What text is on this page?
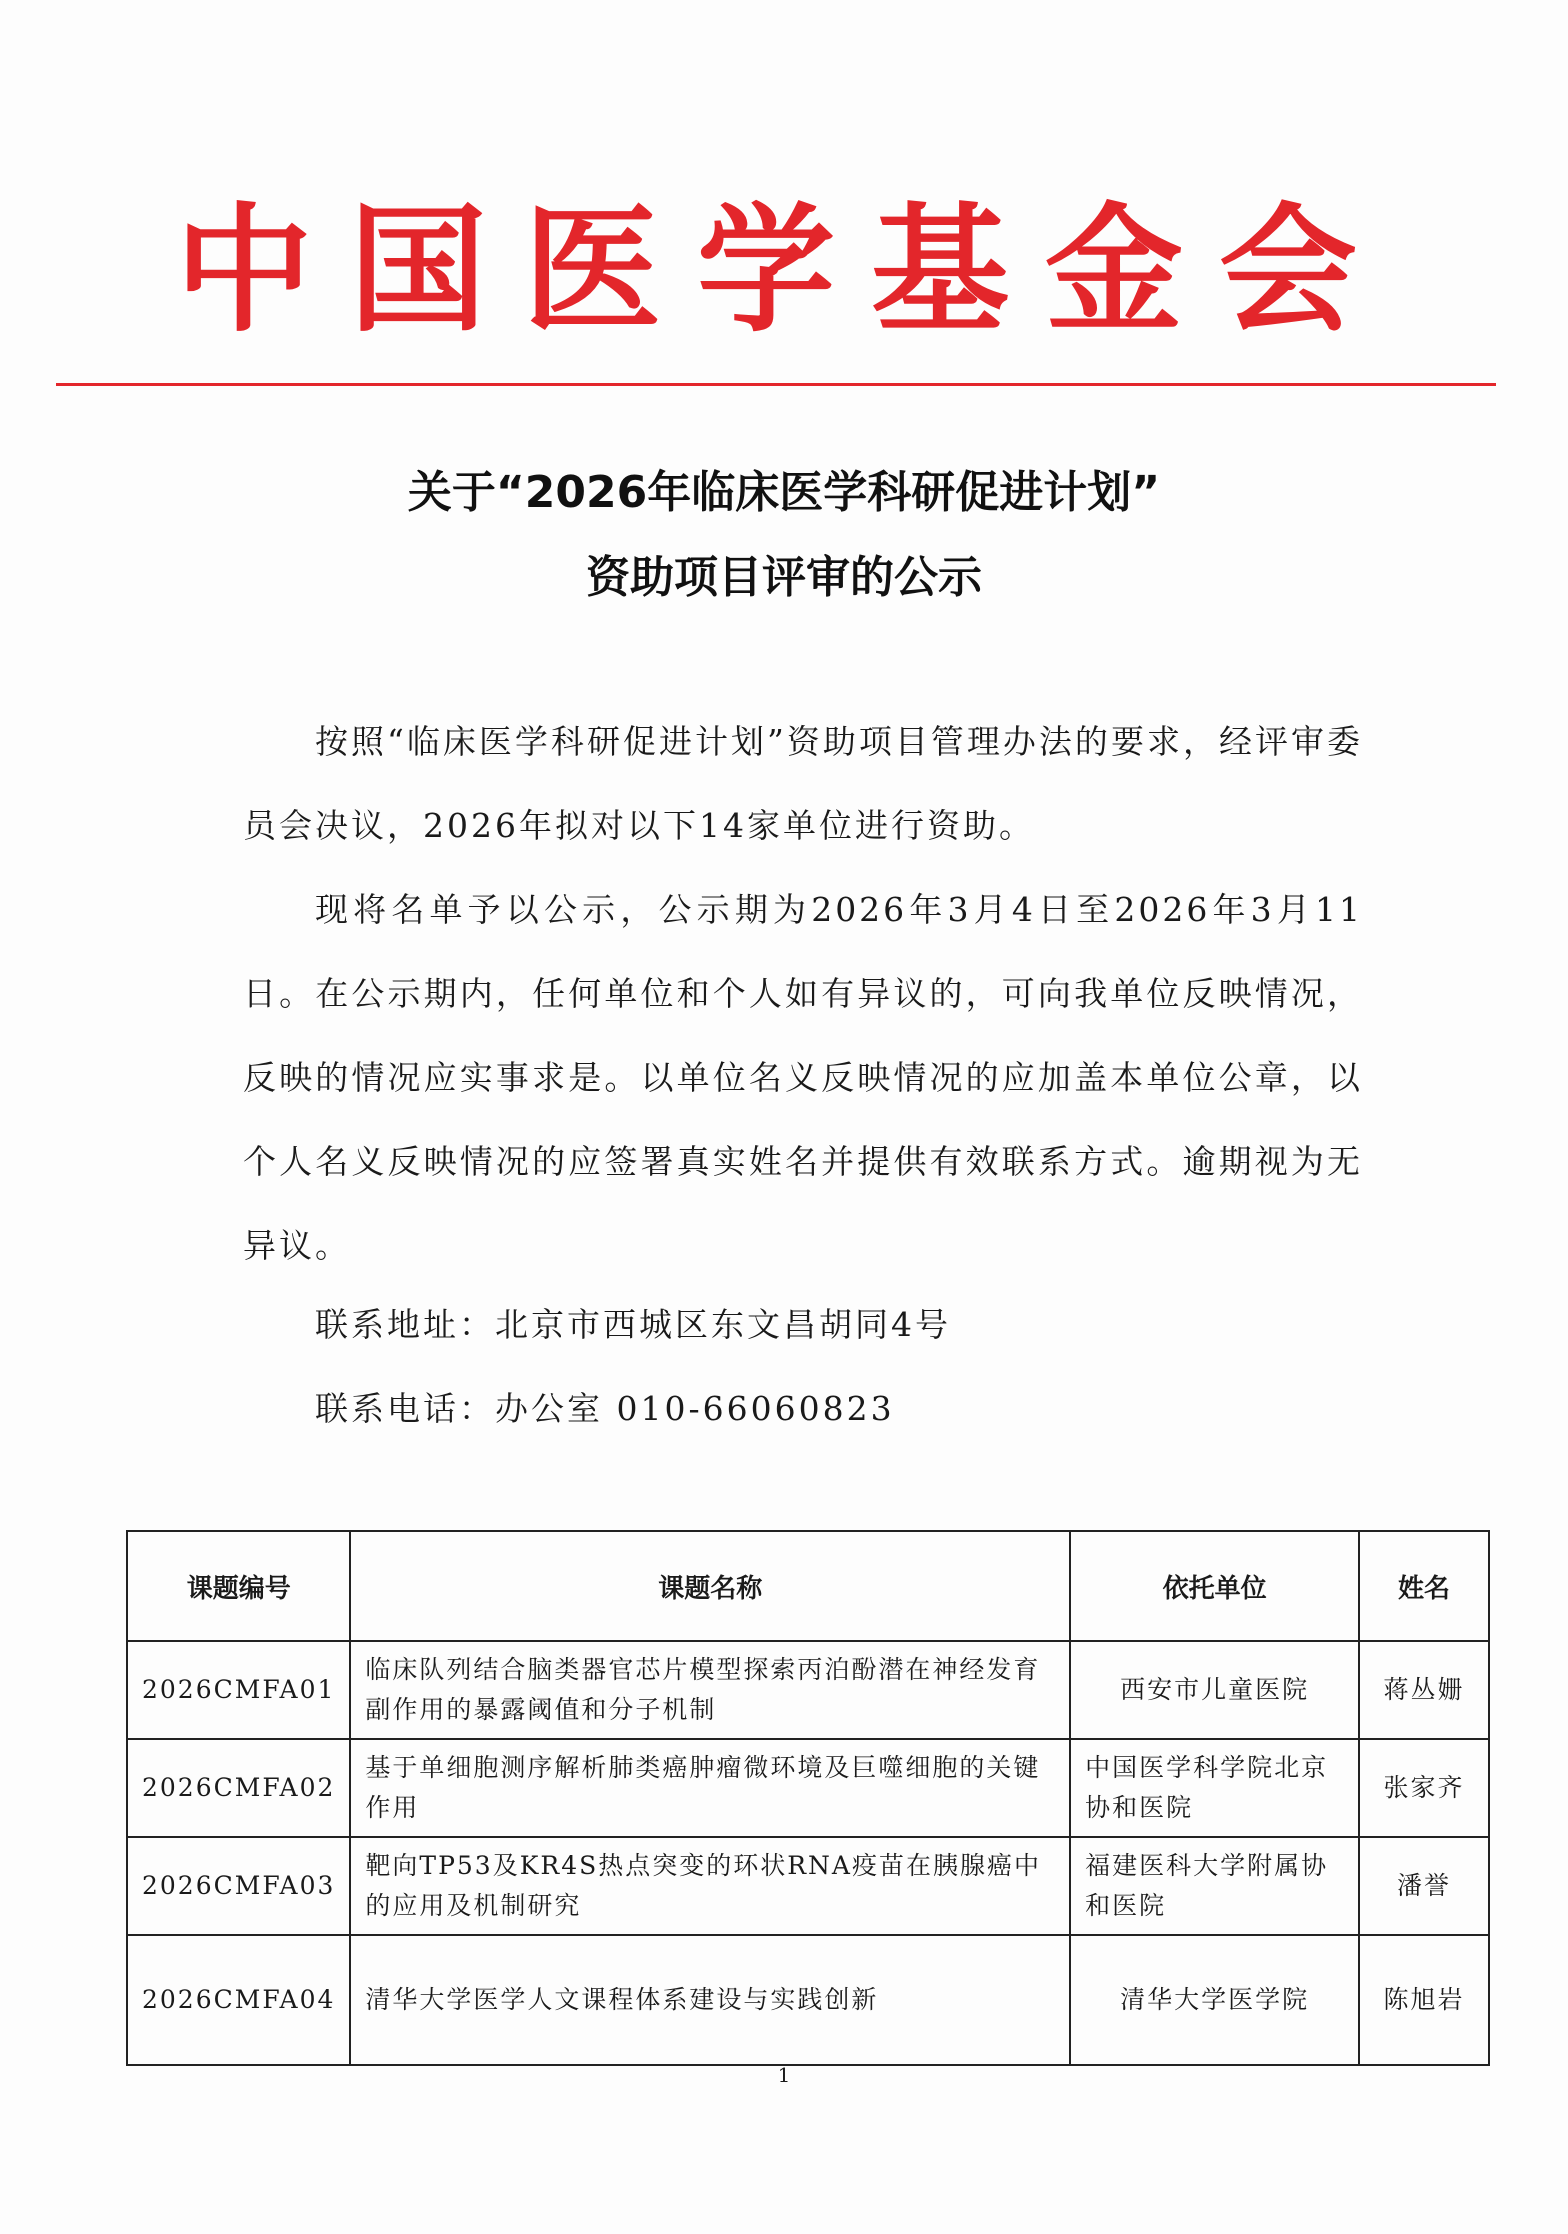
中国医学基金会
关于“2026年临床医学科研促进计划”
资助项目评审的公示
按照“临床医学科研促进计划”资助项目管理办法的要求，经评审委员会决议，2026年拟对以下14家单位进行资助。
现将名单予以公示，公示期为2026年3月4日至2026年3月11日。在公示期内，任何单位和个人如有异议的，可向我单位反映情况，反映的情况应实事求是。以单位名义反映情况的应加盖本单位公章，以个人名义反映情况的应签署真实姓名并提供有效联系方式。逾期视为无异议。
联系地址：北京市西城区东文昌胡同4号
联系电话：办公室 010-66060823
课题编号	课题名称	依托单位	姓名
2026CMFA01	临床队列结合脑类器官芯片模型探索丙泊酚潜在神经发育副作用的暴露阈值和分子机制	西安市儿童医院	蒋丛姗
2026CMFA02	基于单细胞测序解析肺类癌肿瘤微环境及巨噬细胞的关键作用	中国医学科学院北京协和医院	张家齐
2026CMFA03	靶向TP53及KR4S热点突变的环状RNA疫苗在胰腺癌中的应用及机制研究	福建医科大学附属协和医院	潘誉
2026CMFA04	清华大学医学人文课程体系建设与实践创新	清华大学医学院	陈旭岩
1
